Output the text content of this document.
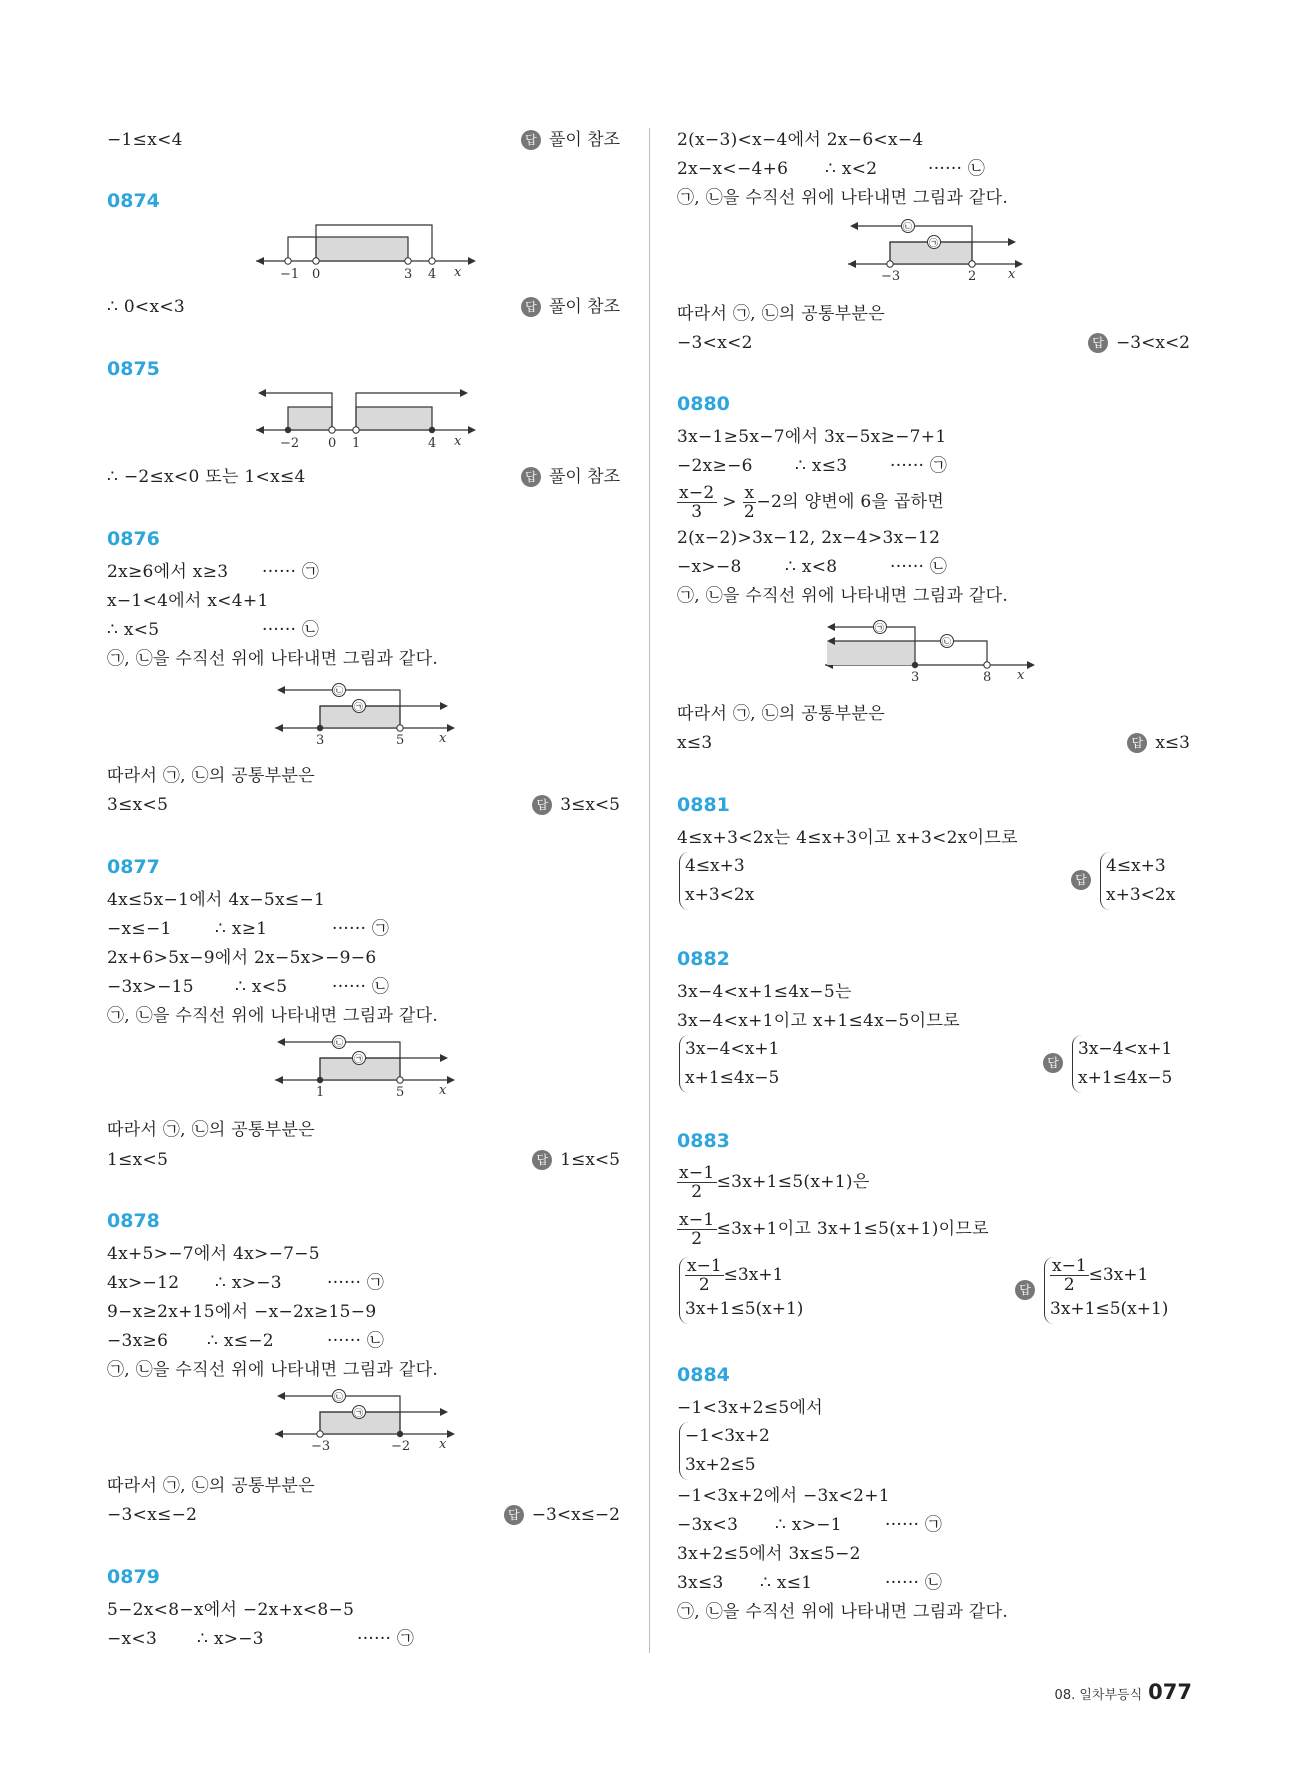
−1≤x<4	답 풀이 참조
0874
−1 0	3 4 x
∴ 0<x<3	답 풀이 참조
0875
−2 0 1	4 x
∴ −2≤x<0 또는 1<x≤4	답 풀이 참조
0876
2x≥6에서 x≥3 ······ ㉠
x−1<4에서 x<4+1
∴ x<5	······ ㉡
㉠, ㉡을 수직선 위에 나타내면 그림과 같다.
㉡
㉠
3	5	x
따라서 ㉠, ㉡의 공통부분은
3≤x<5	답 3≤x<5
0877
4x≤5x−1에서 4x−5x≤−1
−x≤−1	∴ x≥1	······ ㉠
2x+6>5x−9에서 2x−5x>−9−6
−3x>−15 ∴ x<5	······ ㉡
㉠, ㉡을 수직선 위에 나타내면 그림과 같다.
㉡
㉠
1	5	x
따라서 ㉠, ㉡의 공통부분은
1≤x<5	답 1≤x<5
0878
4x+5>−7에서 4x>−7−5
4x>−12 ∴ x>−3	······ ㉠
9−x≥2x+15에서 −x−2x≥15−9
−3x≥6 ∴ x≤−2	······ ㉡
㉠, ㉡을 수직선 위에 나타내면 그림과 같다.
㉡
㉠
−3	−2 x
따라서 ㉠, ㉡의 공통부분은
−3<x≤−2	답 −3<x≤−2
0879
5−2x<8−x에서 −2x+x<8−5
−x<3 ∴ x>−3	······ ㉠
2(x−3)<x−4에서 2x−6<x−4
2x−x<−4+6 ∴ x<2	······ ㉡
㉠, ㉡을 수직선 위에 나타내면 그림과 같다.
㉡
㉠
−3	2 x
따라서 ㉠, ㉡의 공통부분은
−3<x<2	답 −3<x<2
0880
3x−1≥5x−7에서 3x−5x≥−7+1
−2x≥−6 ∴ x≤3	······ ㉠
$\frac{x-2}{3} > \frac{x}{2} -2$의 양변에 6을 곱하면
2(x−2)>3x−12, 2x−4>3x−12
−x>−8	∴ x<8	······ ㉡
㉠, ㉡을 수직선 위에 나타내면 그림과 같다.
㉠
㉡
3	8 x
따라서 ㉠, ㉡의 공통부분은
x≤3	답 x≤3
0881
4≤x+3<2x는 4≤x+3이고 x+3<2x이므로
4≤x+3
x+3<2x
답
4≤x+3
x+3<2x
0882
3x−4<x+1≤4x−5는
3x−4<x+1이고 x+1≤4x−5이므로
3x−4<x+1
x+1≤4x−5
답
3x−4<x+1
x+1≤4x−5
0883
$\frac{x-1}{2} \le 3x+1\le 5(x+1)$은
$\frac{x-1}{2} \le 3x+1$이고 3x+1≤5(x+1)이므로
$\frac{x-1}{2} \le 3x+1$
3x+1≤5(x+1)
답 $\frac{x-1}{2} \le 3x+1$
3x+1≤5(x+1)
0884
−1<3x+2≤5에서
−1<3x+2
3x+2≤5
−1<3x+2에서 −3x<2+1
−3x<3 ∴ x>−1	······ ㉠
3x+2≤5에서 3x≤5−2
3x≤3 ∴ x≤1	······ ㉡
㉠, ㉡을 수직선 위에 나타내면 그림과 같다.
08. 일차부등식 077
